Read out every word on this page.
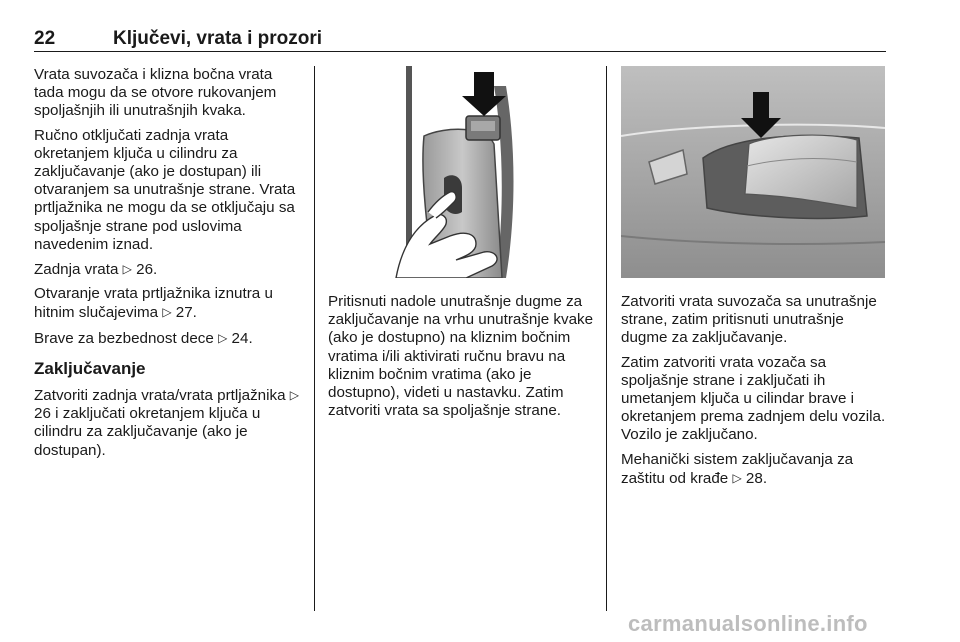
22	Ključevi, vrata i prozori

Vrata suvozača i klizna bočna vrata tada mogu da se otvore rukovanjem spoljašnjih ili unutrašnjih kvaka.

Ručno otključati zadnja vrata okretanjem ključa u cilindru za zaključavanje (ako je dostupan) ili otvaranjem sa unutrašnje strane. Vrata prtljažnika ne mogu da se otključaju sa spoljašnje strane pod uslovima navedenim iznad.

Zadnja vrata ▷ 26.

Otvaranje vrata prtljažnika iznutra u hitnim slučajevima ▷ 27.

Brave za bezbednost dece ▷ 24.

Zaključavanje

Zatvoriti zadnja vrata/vrata prtljažnika ▷ 26 i zaključati okretanjem ključa u cilindru za zaključavanje (ako je dostupan).

Pritisnuti nadole unutrašnje dugme za zaključavanje na vrhu unutrašnje kvake (ako je dostupno) na kliznim bočnim vratima i/ili aktivirati ručnu bravu na kliznim bočnim vratima (ako je dostupno), videti u nastavku. Zatim zatvoriti vrata sa spoljašnje strane.

Zatvoriti vrata suvozača sa unutrašnje strane, zatim pritisnuti unutrašnje dugme za zaključavanje.

Zatim zatvoriti vrata vozača sa spoljašnje strane i zaključati ih umetanjem ključa u cilindar brave i okretanjem prema zadnjem delu vozila. Vozilo je zaključano.

Mehanički sistem zaključavanja za zaštitu od krađe ▷ 28.

carmanualsonline.info
